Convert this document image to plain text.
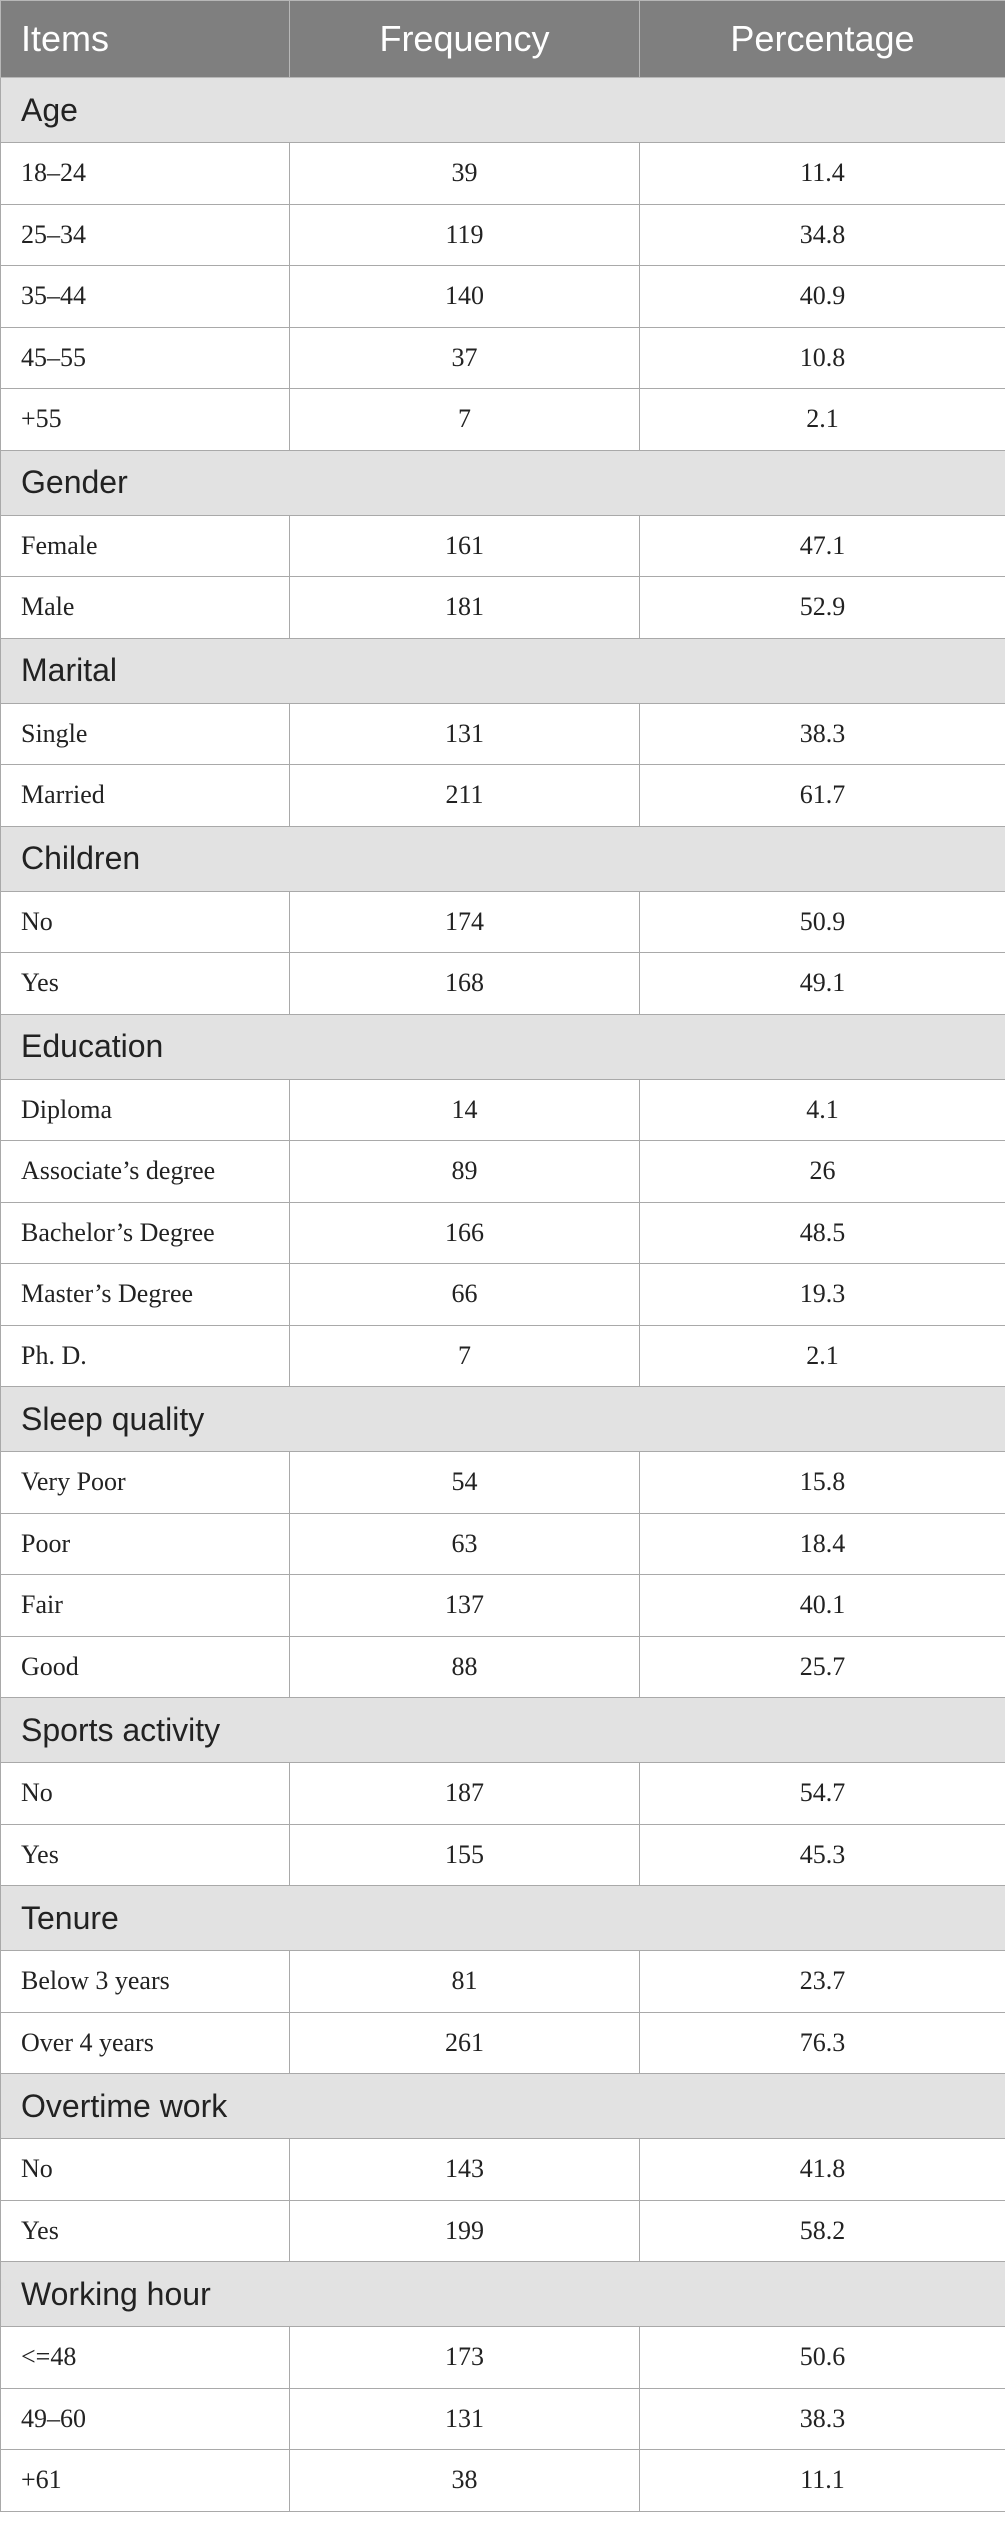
Items	Frequency	Percentage
Age		
18–24	39	11.4
25–34	119	34.8
35–44	140	40.9
45–55	37	10.8
+55	7	2.1
Gender		
Female	161	47.1
Male	181	52.9
Marital		
Single	131	38.3
Married	211	61.7
Children		
No	174	50.9
Yes	168	49.1
Education		
Diploma	14	4.1
Associate’s degree	89	26
Bachelor’s Degree	166	48.5
Master’s Degree	66	19.3
Ph. D.	7	2.1
Sleep quality		
Very Poor	54	15.8
Poor	63	18.4
Fair	137	40.1
Good	88	25.7
Sports activity		
No	187	54.7
Yes	155	45.3
Tenure		
Below 3 years	81	23.7
Over 4 years	261	76.3
Overtime work		
No	143	41.8
Yes	199	58.2
Working hour		
<=48	173	50.6
49–60	131	38.3
+61	38	11.1
